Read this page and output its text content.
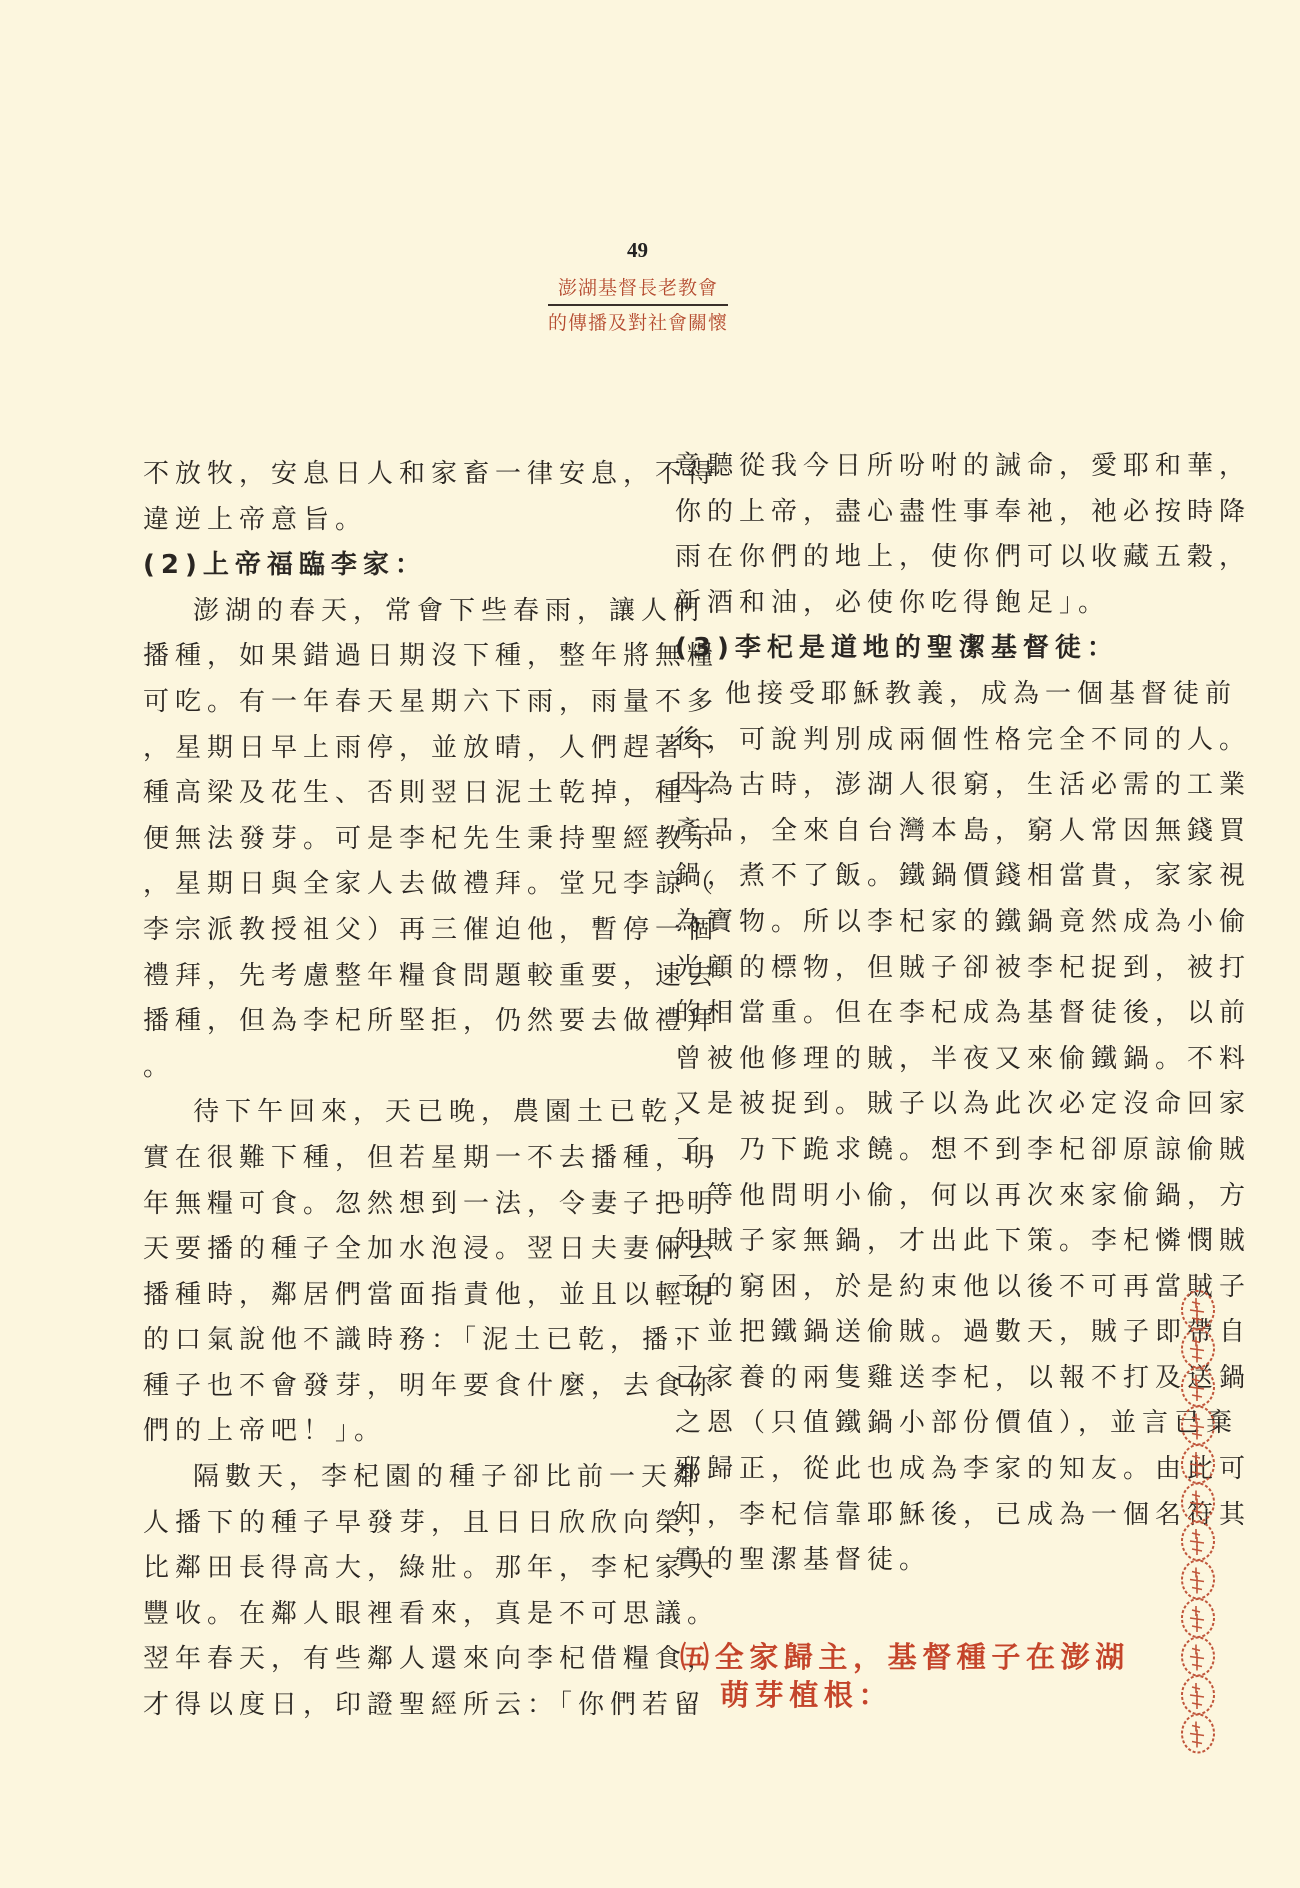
49
澎湖基督長老教會
的傳播及對社會關懷
不放牧，安息日人和家畜一律安息，不得
違逆上帝意旨。
(2)上帝福臨李家：
澎湖的春天，常會下些春雨，讓人們
播種，如果錯過日期沒下種，整年將無糧
可吃。有一年春天星期六下雨，雨量不多
，星期日早上雨停，並放晴，人們趕著下
種高梁及花生、否則翌日泥土乾掉，種子
便無法發芽。可是李杞先生秉持聖經教示
，星期日與全家人去做禮拜。堂兄李諒（
李宗派教授祖父）再三催迫他，暫停一個
禮拜，先考慮整年糧食問題較重要，速去
播種，但為李杞所堅拒，仍然要去做禮拜
。
待下午回來，天已晚，農園土已乾，
實在很難下種，但若星期一不去播種，明
年無糧可食。忽然想到一法，令妻子把明
天要播的種子全加水泡浸。翌日夫妻倆去
播種時，鄰居們當面指責他，並且以輕視
的口氣說他不識時務：「泥土已乾，播下
種子也不會發芽，明年要食什麼，去食你
們的上帝吧！」。
隔數天，李杞園的種子卻比前一天鄰
人播下的種子早發芽，且日日欣欣向榮，
比鄰田長得高大，綠壯。那年，李杞家大
豐收。在鄰人眼裡看來，真是不可思議。
翌年春天，有些鄰人還來向李杞借糧食，
才得以度日，印證聖經所云：「你們若留
意聽從我今日所吩咐的誡命，愛耶和華，
你的上帝，盡心盡性事奉祂，祂必按時降
雨在你們的地上，使你們可以收藏五穀，
新酒和油，必使你吃得飽足」。
(3)李杞是道地的聖潔基督徒：
他接受耶穌教義，成為一個基督徒前
後，可說判別成兩個性格完全不同的人。
因為古時，澎湖人很窮，生活必需的工業
產品，全來自台灣本島，窮人常因無錢買
鍋，煮不了飯。鐵鍋價錢相當貴，家家視
為寶物。所以李杞家的鐵鍋竟然成為小偷
光顧的標物，但賊子卻被李杞捉到，被打
的相當重。但在李杞成為基督徒後，以前
曾被他修理的賊，半夜又來偷鐵鍋。不料
又是被捉到。賊子以為此次必定沒命回家
了，乃下跪求饒。想不到李杞卻原諒偷賊
。等他問明小偷，何以再次來家偷鍋，方
知賊子家無鍋，才出此下策。李杞憐憫賊
子的窮困，於是約束他以後不可再當賊子
，並把鐵鍋送偷賊。過數天，賊子即帶自
己家養的兩隻雞送李杞，以報不打及送鍋
之恩（只值鐵鍋小部份價值），並言已棄
邪歸正，從此也成為李家的知友。由此可
知，李杞信靠耶穌後，已成為一個名符其
實的聖潔基督徒。
㈤全家歸主，基督種子在澎湖
萌芽植根：
